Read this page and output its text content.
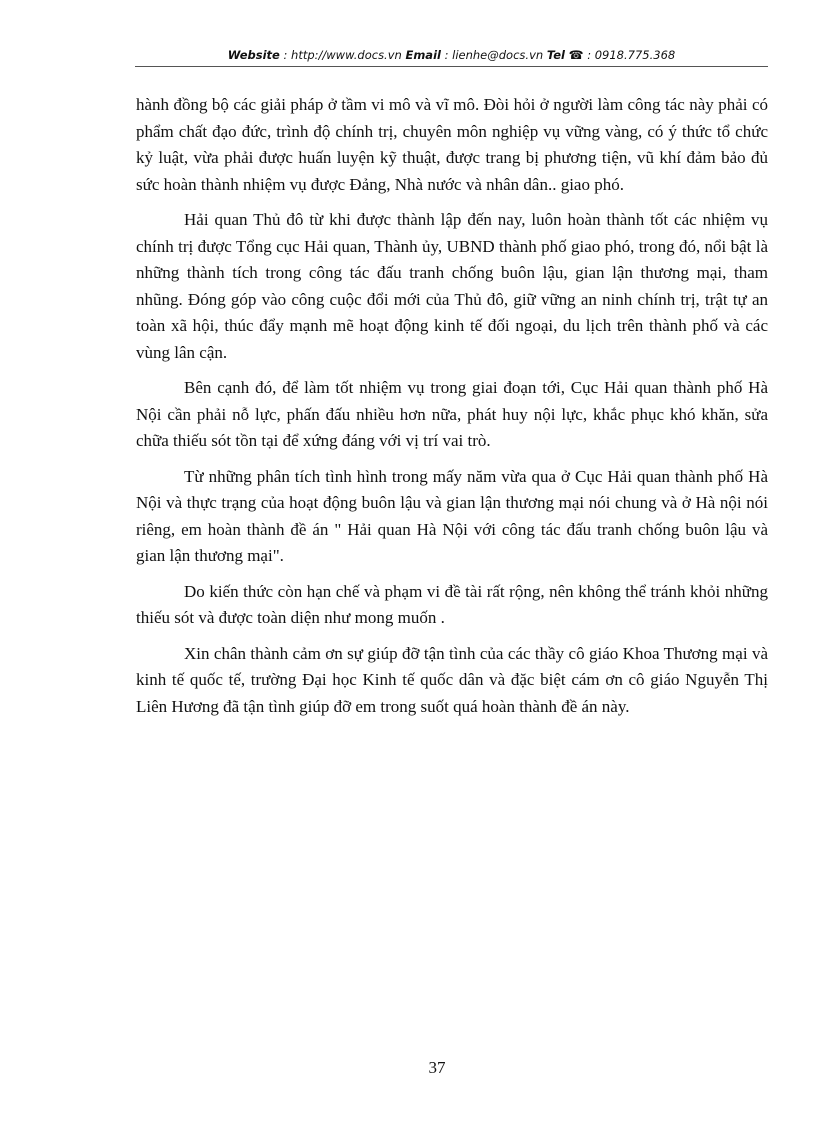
Website : http://www.docs.vn Email : lienhe@docs.vn Tel ☎ : 0918.775.368

hành đồng bộ các giải pháp ở tầm vi mô và vĩ mô. Đòi hỏi ở người làm công tác này phải có phẩm chất đạo đức, trình độ chính trị, chuyên môn nghiệp vụ vững vàng, có ý thức tổ chức kỷ luật, vừa phải được huấn luyện kỹ thuật, được trang bị phương tiện, vũ khí đảm bảo đủ sức hoàn thành nhiệm vụ được Đảng, Nhà nước và nhân dân.. giao phó.

Hải quan Thủ đô từ khi được thành lập đến nay, luôn hoàn thành tốt các nhiệm vụ chính trị được Tổng cục Hải quan, Thành ủy, UBND thành phố giao phó, trong đó, nổi bật là những thành tích trong công tác đấu tranh chống buôn lậu, gian lận thương mại, tham nhũng. Đóng góp vào công cuộc đổi mới của Thủ đô, giữ vững an ninh chính trị, trật tự an toàn xã hội, thúc đẩy mạnh mẽ hoạt động kinh tế đối ngoại, du lịch trên thành phố và các vùng lân cận.

Bên cạnh đó, để làm tốt nhiệm vụ trong giai đoạn tới, Cục Hải quan thành phố Hà Nội cần phải nỗ lực, phấn đấu nhiều hơn nữa, phát huy nội lực, khắc phục khó khăn, sửa chữa thiếu sót tồn tại để xứng đáng với vị trí vai trò.

Từ những phân tích tình hình trong mấy năm vừa qua ở Cục Hải quan thành phố Hà Nội và thực trạng của hoạt động buôn lậu và gian lận thương mại nói chung và ở Hà nội nói riêng, em hoàn thành đề án " Hải quan Hà Nội với công tác đấu tranh chống buôn lậu và gian lận thương mại".

Do kiến thức còn hạn chế và phạm vi đề tài rất rộng, nên không thể tránh khỏi những thiếu sót và được toàn diện như mong muốn .

Xin chân thành cảm ơn sự giúp đỡ tận tình của các thầy cô giáo Khoa Thương mại và kinh tế quốc tế, trường Đại học Kinh tế quốc dân và đặc biệt cám ơn cô giáo Nguyễn Thị Liên Hương đã tận tình giúp đỡ em trong suốt quá hoàn thành đề án này.

37
